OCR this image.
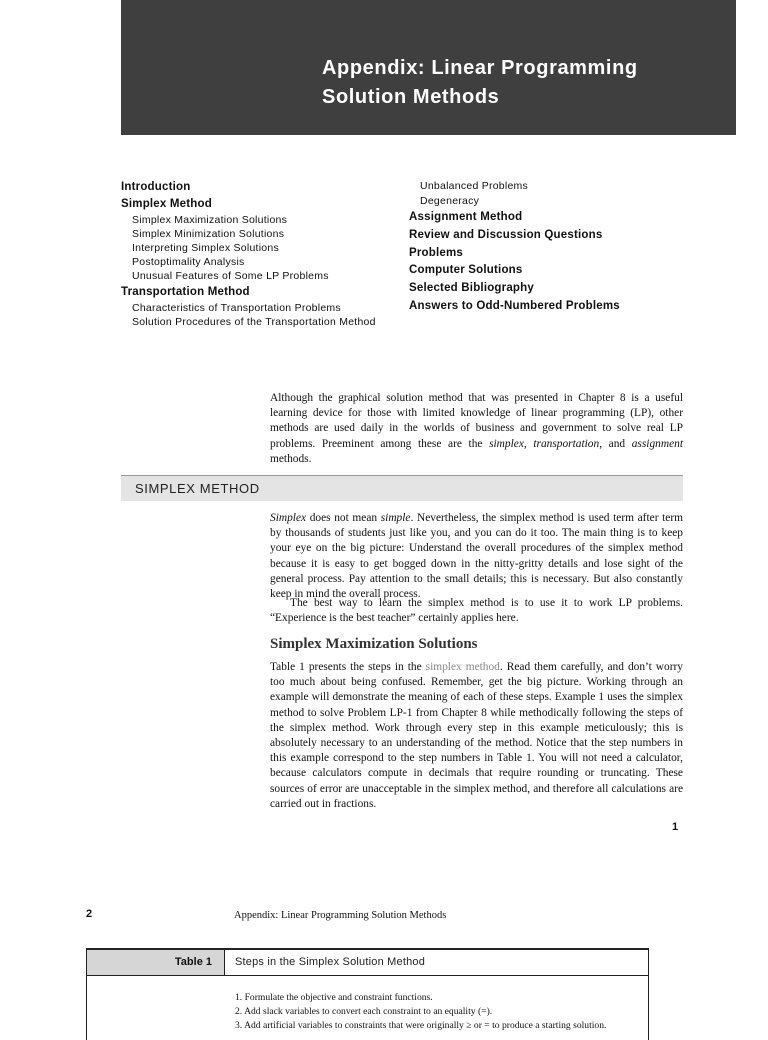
Appendix: Linear Programming
Solution Methods
Introduction
Simplex Method
Simplex Maximization Solutions
Simplex Minimization Solutions
Interpreting Simplex Solutions
Postoptimality Analysis
Unusual Features of Some LP Problems
Transportation Method
Characteristics of Transportation Problems
Solution Procedures of the Transportation Method
Unbalanced Problems
Degeneracy
Assignment Method
Review and Discussion Questions
Problems
Computer Solutions
Selected Bibliography
Answers to Odd-Numbered Problems

Although the graphical solution method that was presented in Chapter 8 is a useful learning device for those with limited knowledge of linear programming (LP), other methods are used daily in the worlds of business and government to solve real LP problems. Preeminent among these are the simplex, transportation, and assignment methods.

SIMPLEX METHOD

Simplex does not mean simple. Nevertheless, the simplex method is used term after term by thousands of students just like you, and you can do it too. The main thing is to keep your eye on the big picture: Understand the overall procedures of the simplex method because it is easy to get bogged down in the nitty-gritty details and lose sight of the general process. Pay attention to the small details; this is necessary. But also constantly keep in mind the overall process.

The best way to learn the simplex method is to use it to work LP problems. “Experience is the best teacher” certainly applies here.

Simplex Maximization Solutions

Table 1 presents the steps in the simplex method. Read them carefully, and don’t worry too much about being confused. Remember, get the big picture. Working through an example will demonstrate the meaning of each of these steps. Example 1 uses the simplex method to solve Problem LP-1 from Chapter 8 while methodically following the steps of the simplex method. Work through every step in this example meticulously; this is absolutely necessary to an understanding of the method. Notice that the step numbers in this example correspond to the step numbers in Table 1. You will not need a calculator, because calculators compute in decimals that require rounding or truncating. These sources of error are unacceptable in the simplex method, and therefore all calculations are carried out in fractions.

1
2	Appendix: Linear Programming Solution Methods
Table 1	Steps in the Simplex Solution Method
1. Formulate the objective and constraint functions.
2. Add slack variables to convert each constraint to an equality (=).
3. Add artificial variables to constraints that were originally ≥ or = to produce a starting solution.
